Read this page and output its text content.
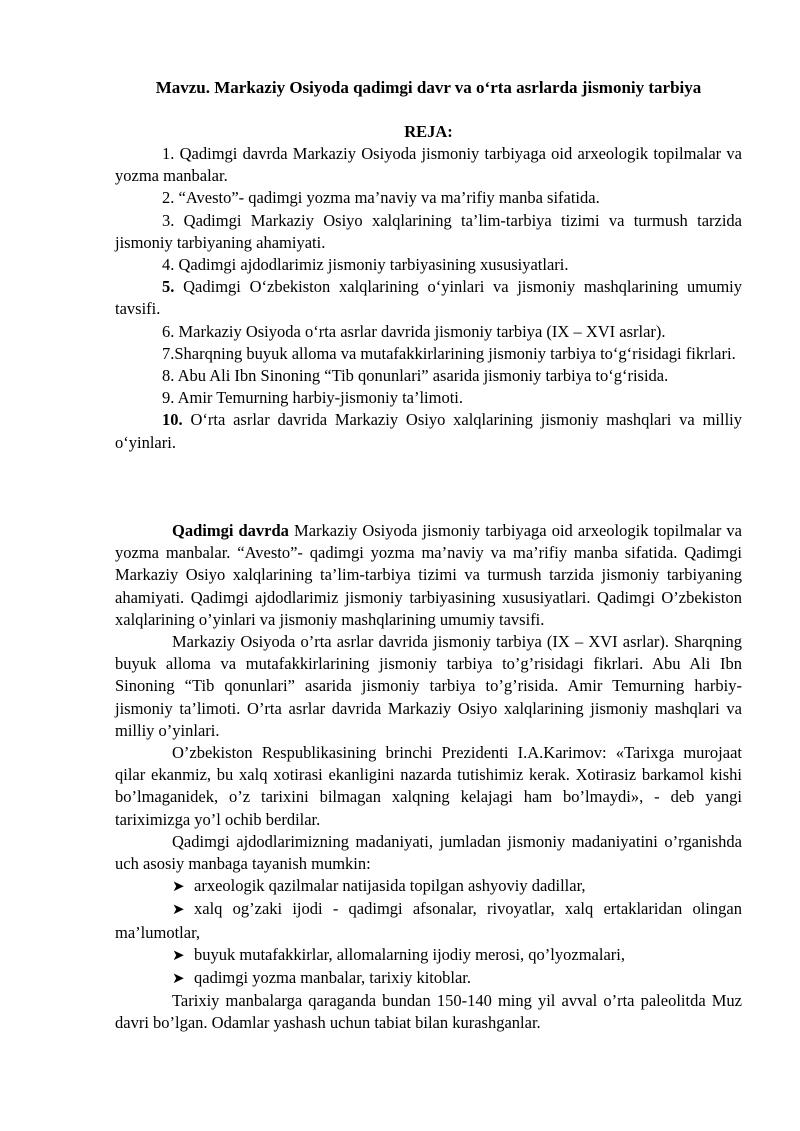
Mavzu. Markaziy Osiyoda qadimgi davr va o‘rta asrlarda jismoniy tarbiya
REJA:

1. Qadimgi davrda Markaziy Osiyoda jismoniy tarbiyaga oid arxeologik topilmalar va yozma manbalar.

2. “Avesto”- qadimgi yozma ma’naviy va ma’rifiy manba sifatida.

3. Qadimgi Markaziy Osiyo xalqlarining ta’lim-tarbiya tizimi va turmush tarzida jismoniy tarbiyaning ahamiyati.

4. Qadimgi ajdodlarimiz jismoniy tarbiyasining xususiyatlari.

5. Qadimgi O‘zbekiston xalqlarining o‘yinlari va jismoniy mashqlarining umumiy tavsifi.

6. Markaziy Osiyoda o‘rta asrlar davrida jismoniy tarbiya (IX – XVI asrlar).

7.Sharqning buyuk alloma va mutafakkirlarining jismoniy tarbiya to‘g‘risidagi fikrlari.

8. Abu Ali Ibn Sinoning “Tib qonunlari” asarida jismoniy tarbiya to‘g‘risida.

9. Amir Temurning harbiy-jismoniy ta’limoti.

10. O‘rta asrlar davrida Markaziy Osiyo xalqlarining jismoniy mashqlari va milliy o‘yinlari.

Qadimgi davrda Markaziy Osiyoda jismoniy tarbiyaga oid arxeologik topilmalar va yozma manbalar. “Avesto”- qadimgi yozma ma’naviy va ma’rifiy manba sifatida. Qadimgi Markaziy Osiyo xalqlarining ta’lim-tarbiya tizimi va turmush tarzida jismoniy tarbiyaning ahamiyati. Qadimgi ajdodlarimiz jismoniy tarbiyasining xususiyatlari. Qadimgi O’zbekiston xalqlarining o’yinlari va jismoniy mashqlarining umumiy tavsifi.

Markaziy Osiyoda o’rta asrlar davrida jismoniy tarbiya (IX – XVI asrlar). Sharqning buyuk alloma va mutafakkirlarining jismoniy tarbiya to’g’risidagi fikrlari. Abu Ali Ibn Sinoning “Tib qonunlari” asarida jismoniy tarbiya to’g’risida. Amir Temurning harbiy-jismoniy ta’limoti. O’rta asrlar davrida Markaziy Osiyo xalqlarining jismoniy mashqlari va milliy o’yinlari.

O’zbekiston Respublikasining brinchi Prezidenti I.A.Karimov: «Tarixga murojaat qilar ekanmiz, bu xalq xotirasi ekanligini nazarda tutishimiz kerak. Xotirasiz barkamol kishi bo’lmaganidek, o’z tarixini bilmagan xalqning kelajagi ham bo’lmaydi», - deb yangi tariximizga yo’l ochib berdilar.

Qadimgi ajdodlarimizning madaniyati, jumladan jismoniy madaniyatini o’rganishda uch asosiy manbaga tayanish mumkin:

➤ arxeologik qazilmalar natijasida topilgan ashyoviy dadillar,

➤ xalq og’zaki ijodi - qadimgi afsonalar, rivoyatlar, xalq ertaklaridan olingan ma’lumotlar,

➤ buyuk mutafakkirlar, allomalarning ijodiy merosi, qo’lyozmalari,

➤ qadimgi yozma manbalar, tarixiy kitoblar.

Tarixiy manbalarga qaraganda bundan 150-140 ming yil avval o’rta paleolitda Muz davri bo’lgan. Odamlar yashash uchun tabiat bilan kurashganlar.
